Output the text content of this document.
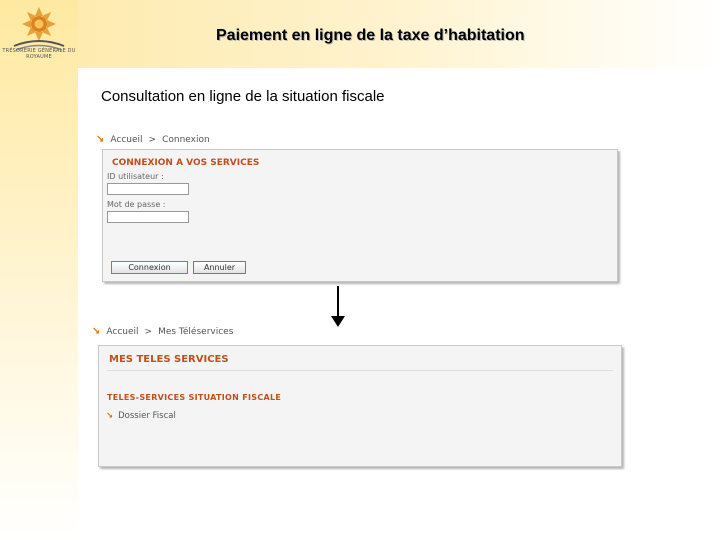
TRÉSORERIE GÉNÉRALE DU ROYAUME
Paiement en ligne de la taxe d’habitation
Consultation en ligne de la situation fiscale
↘ Accueil > Connexion
CONNEXION A VOS SERVICES
ID utilisateur :
Mot de passe :
Connexion	Annuler
↘ Accueil > Mes Téléservices
MES TELES SERVICES
TELES-SERVICES SITUATION FISCALE
↘ Dossier Fiscal
